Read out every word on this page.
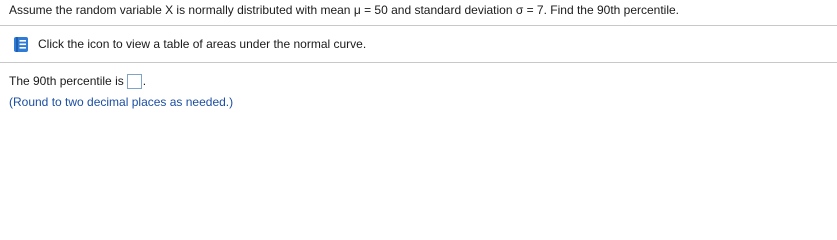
Assume the random variable X is normally distributed with mean μ = 50 and standard deviation σ = 7. Find the 90th percentile.
Click the icon to view a table of areas under the normal curve.
The 90th percentile is .
(Round to two decimal places as needed.)
